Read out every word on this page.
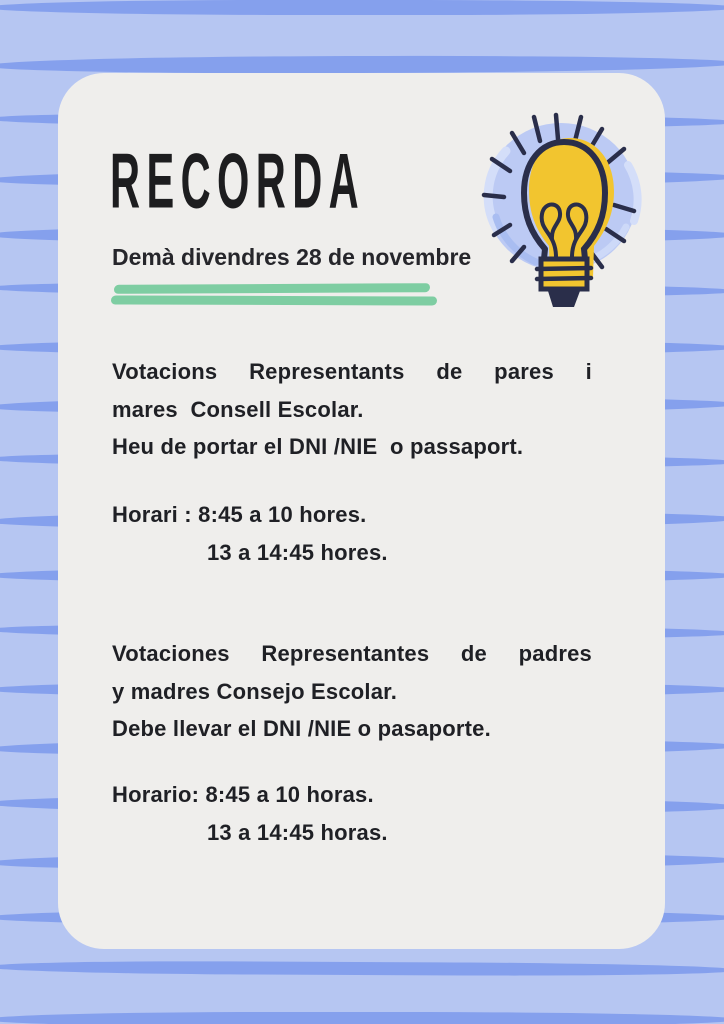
RECORDA
Demà divendres 28 de novembre
Votacions Representants de pares i
mares  Consell Escolar.
Heu de portar el DNI /NIE  o passaport.
Horari : 8:45 a 10 hores.
13 a 14:45 hores.
Votaciones Representantes de padres
y madres Consejo Escolar.
Debe llevar el DNI /NIE o pasaporte.
Horario: 8:45 a 10 horas.
13 a 14:45 horas.
